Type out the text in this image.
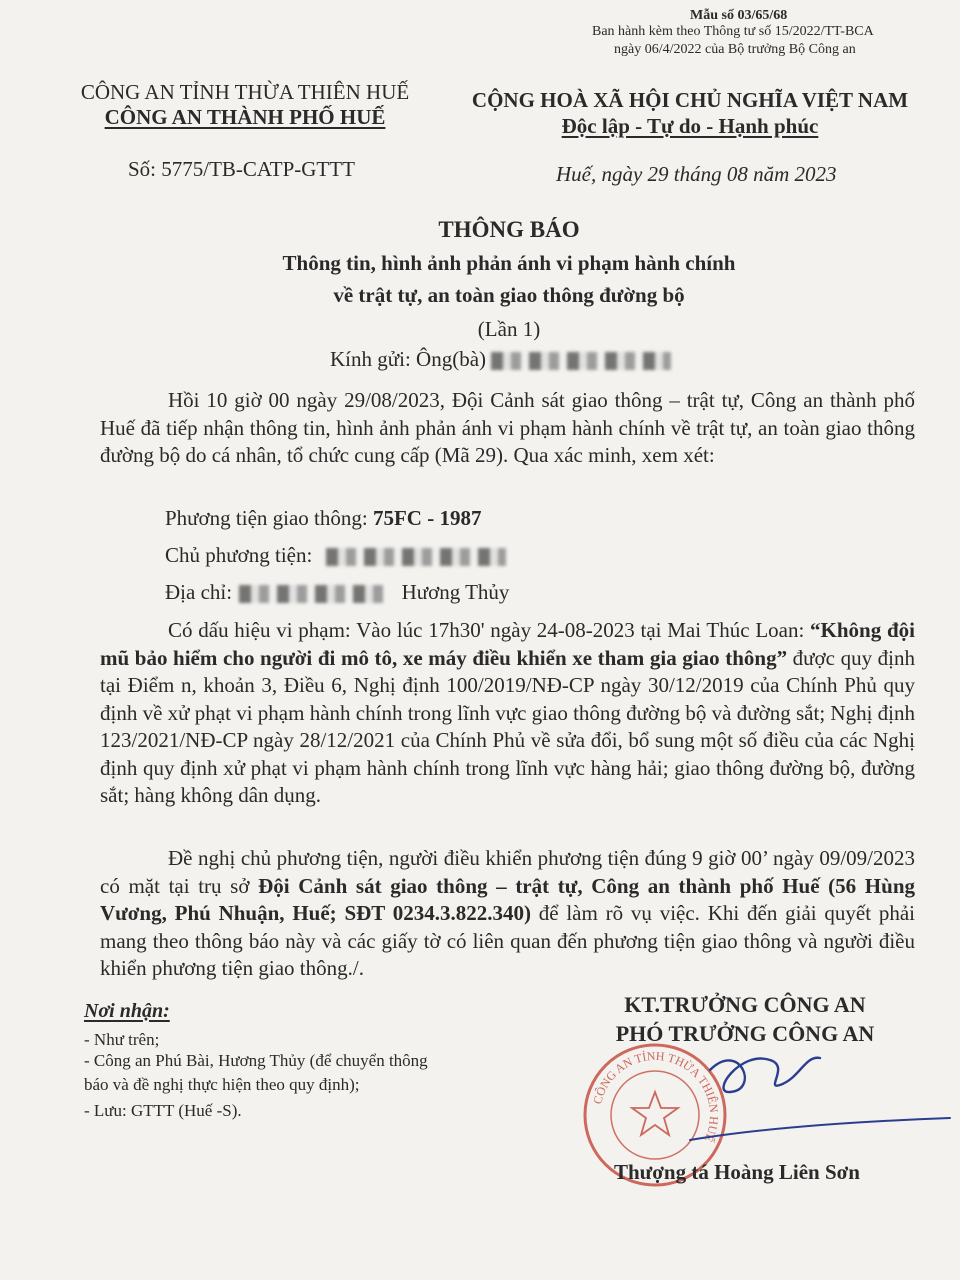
Mẫu số 03/65/68
Ban hành kèm theo Thông tư số 15/2022/TT-BCA
ngày 06/4/2022 của Bộ trưởng Bộ Công an
CÔNG AN TỈNH THỪA THIÊN HUẾ
CÔNG AN THÀNH PHỐ HUẾ
Số: 5775/TB-CATP-GTTT
CỘNG HOÀ XÃ HỘI CHỦ NGHĨA VIỆT NAM
Độc lập - Tự do - Hạnh phúc
Huế, ngày 29 tháng 08 năm 2023
THÔNG BÁO
Thông tin, hình ảnh phản ánh vi phạm hành chính
về trật tự, an toàn giao thông đường bộ
(Lần 1)
Kính gửi: Ông(bà)

Hồi 10 giờ 00 ngày 29/08/2023, Đội Cảnh sát giao thông – trật tự, Công an thành phố Huế đã tiếp nhận thông tin, hình ảnh phản ánh vi phạm hành chính về trật tự, an toàn giao thông đường bộ do cá nhân, tổ chức cung cấp (Mã 29). Qua xác minh, xem xét:

Phương tiện giao thông: 75FC - 1987
Chủ phương tiện:
Địa chỉ:	Hương Thủy

Có dấu hiệu vi phạm: Vào lúc 17h30' ngày 24-08-2023 tại Mai Thúc Loan: “Không đội mũ bảo hiểm cho người đi mô tô, xe máy điều khiển xe tham gia giao thông” được quy định tại Điểm n, khoản 3, Điều 6, Nghị định 100/2019/NĐ-CP ngày 30/12/2019 của Chính Phủ quy định về xử phạt vi phạm hành chính trong lĩnh vực giao thông đường bộ và đường sắt; Nghị định 123/2021/NĐ-CP ngày 28/12/2021 của Chính Phủ về sửa đổi, bổ sung một số điều của các Nghị định quy định xử phạt vi phạm hành chính trong lĩnh vực hàng hải; giao thông đường bộ, đường sắt; hàng không dân dụng.

Đề nghị chủ phương tiện, người điều khiển phương tiện đúng 9 giờ 00’ ngày 09/09/2023 có mặt tại trụ sở Đội Cảnh sát giao thông – trật tự, Công an thành phố Huế (56 Hùng Vương, Phú Nhuận, Huế; SĐT 0234.3.822.340) để làm rõ vụ việc. Khi đến giải quyết phải mang theo thông báo này và các giấy tờ có liên quan đến phương tiện giao thông và người điều khiển phương tiện giao thông./.

Nơi nhận:
- Như trên;
- Công an Phú Bài, Hương Thủy (để chuyển thông
báo và đề nghị thực hiện theo quy định);
- Lưu: GTTT (Huế -S).
CÔNG AN TỈNH THỪA THIÊN HUẾ
KT.TRƯỞNG CÔNG AN
PHÓ TRƯỞNG CÔNG AN
Thượng tá Hoàng Liên Sơn
